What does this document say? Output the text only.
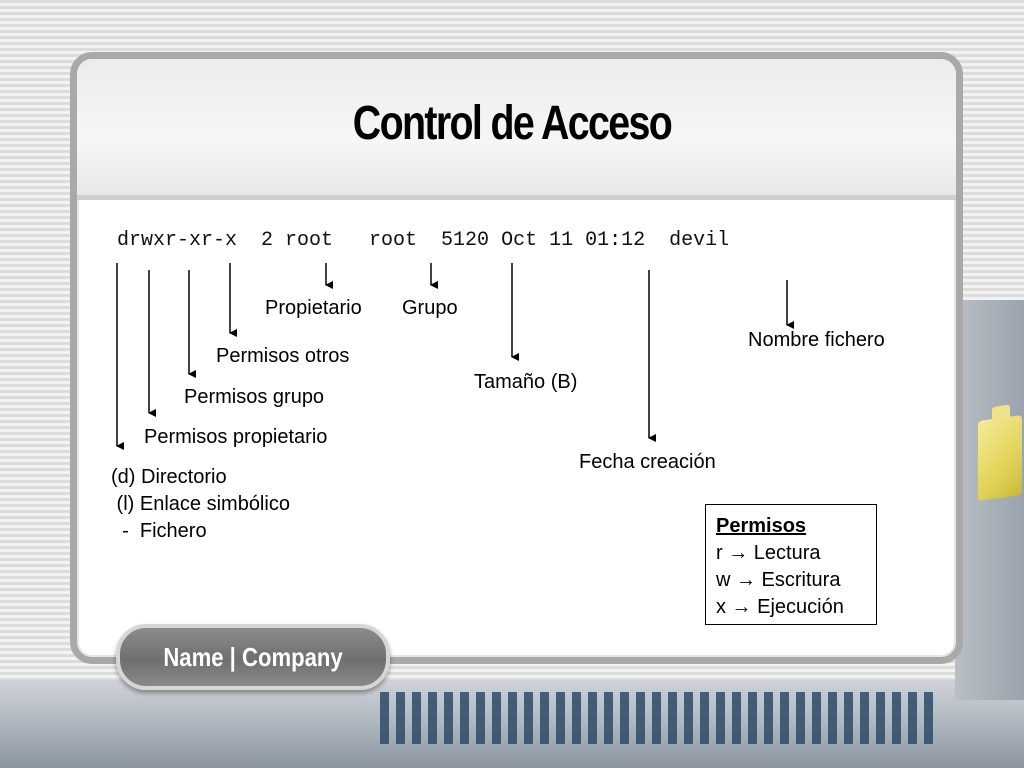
Control de Acceso
drwxr-xr-x  2 root   root  5120 Oct 11 01:12  devil
Propietario Grupo
Nombre fichero
Permisos otros
Tamaño (B)
Permisos grupo
Permisos propietario
Fecha creación
(d) Directorio
(l) Enlace simbólico
-  Fichero	Permisos
r → Lectura
w → Escritura
x → Ejecución
Name | Company
